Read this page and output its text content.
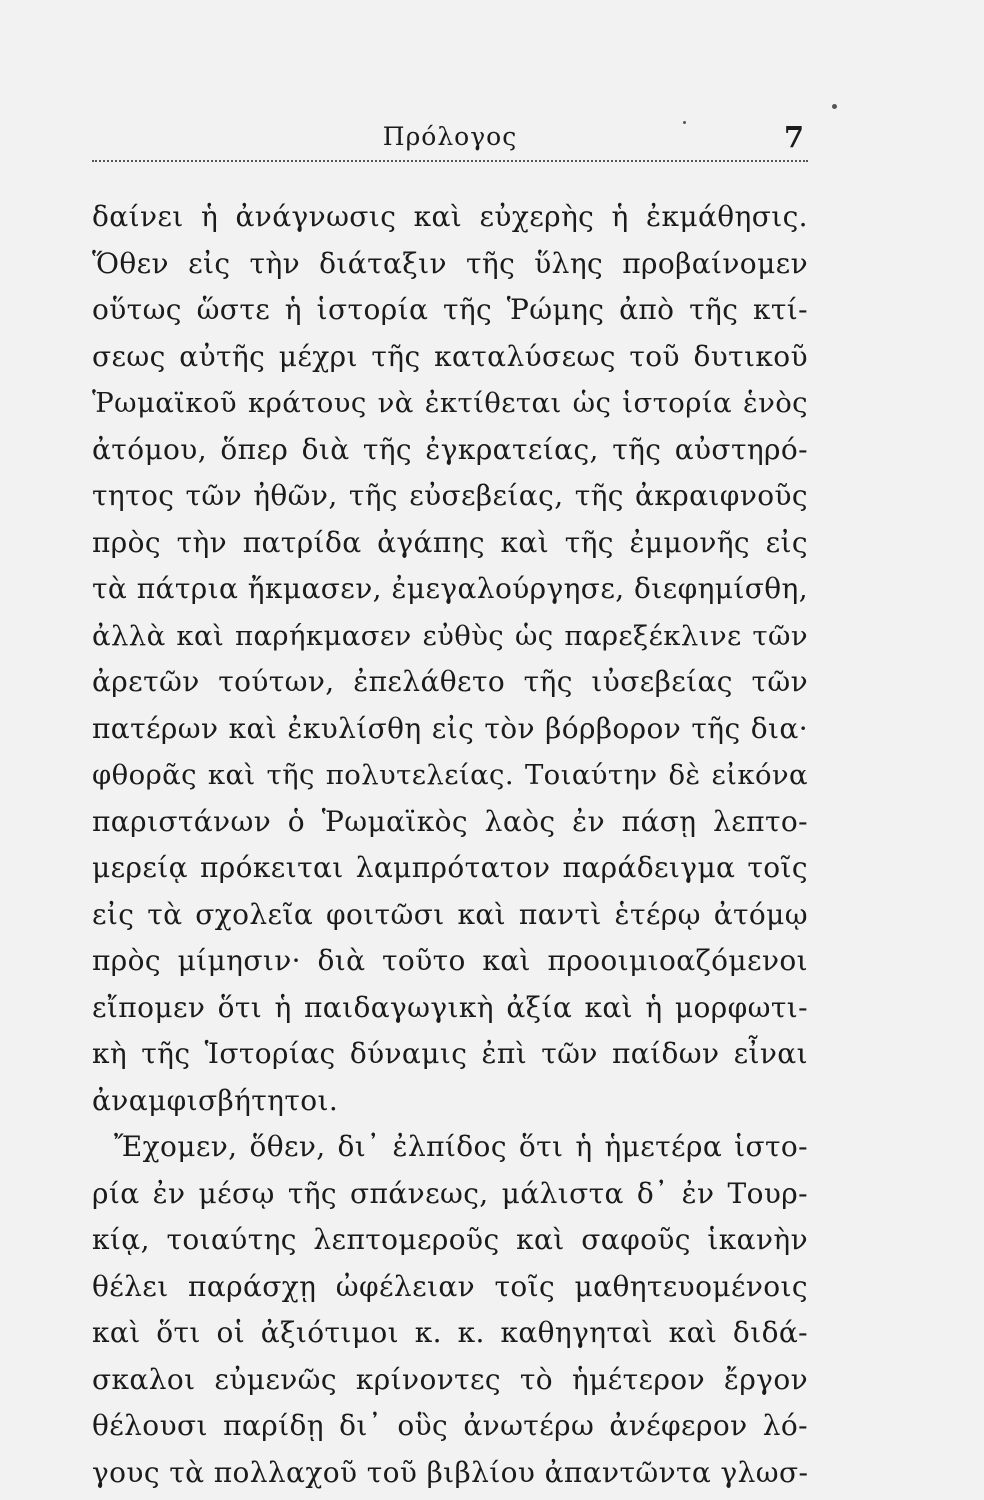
Πρόλογος	7
δαίνει ἡ ἀνάγνωσις καὶ εὐχερὴς ἡ ἐκμάθησις.
Ὅθεν εἰς τὴν διάταξιν τῆς ὕλης προβαίνομεν
οὕτως ὥστε ἡ ἱστορία τῆς Ῥώμης ἀπὸ τῆς κτί-
σεως αὐτῆς μέχρι τῆς καταλύσεως τοῦ δυτικοῦ
Ῥωμαϊκοῦ κράτους νὰ ἐκτίθεται ὡς ἱστορία ἑνὸς
ἀτόμου, ὅπερ διὰ τῆς ἐγκρατείας, τῆς αὐστηρό-
τητος τῶν ἠθῶν, τῆς εὐσεβείας, τῆς ἀκραιφνοῦς
πρὸς τὴν πατρίδα ἀγάπης καὶ τῆς ἐμμονῆς εἰς
τὰ πάτρια ἤκμασεν, ἐμεγαλούργησε, διεφημίσθη,
ἀλλὰ καὶ παρήκμασεν εὐθὺς ὡς παρεξέκλινε τῶν
ἀρετῶν τούτων, ἐπελάθετο τῆς ιὐσεβείας τῶν
πατέρων καὶ ἐκυλίσθη εἰς τὸν βόρβορον τῆς δια·
φθορᾶς καὶ τῆς πολυτελείας. Τοιαύτην δὲ εἰκόνα
παριστάνων ὁ Ῥωμαϊκὸς λαὸς ἐν πάσῃ λεπτο-
μερείᾳ πρόκειται λαμπρότατον παράδειγμα τοῖς
εἰς τὰ σχολεῖα φοιτῶσι καὶ παντὶ ἑτέρῳ ἀτόμῳ
πρὸς μίμησιν· διὰ τοῦτο καὶ προοιμιοαζόμενοι
εἴπομεν ὅτι ἡ παιδαγωγικὴ ἀξία καὶ ἡ μορφωτι-
κὴ τῆς Ἱστορίας δύναμις ἐπὶ τῶν παίδων εἶναι
ἀναμφισβήτητοι.
Ἔχομεν, ὅθεν, δι᾽ ἐλπίδος ὅτι ἡ ἡμετέρα ἱστο-
ρία ἐν μέσῳ τῆς σπάνεως, μάλιστα δ᾽ ἐν Τουρ-
κίᾳ, τοιαύτης λεπτομεροῦς καὶ σαφοῦς ἱκανὴν
θέλει παράσχῃ ὠφέλειαν τοῖς μαθητευομένοις
καὶ ὅτι οἱ ἀξιότιμοι κ. κ. καθηγηταὶ καὶ διδά-
σκαλοι εὐμενῶς κρίνοντες τὸ ἡμέτερον ἔργον
θέλουσι παρίδῃ δι᾽ οὓς ἀνωτέρω ἀνέφερον λό-
γους τὰ πολλαχοῦ τοῦ βιβλίου ἀπαντῶντα γλωσ-
